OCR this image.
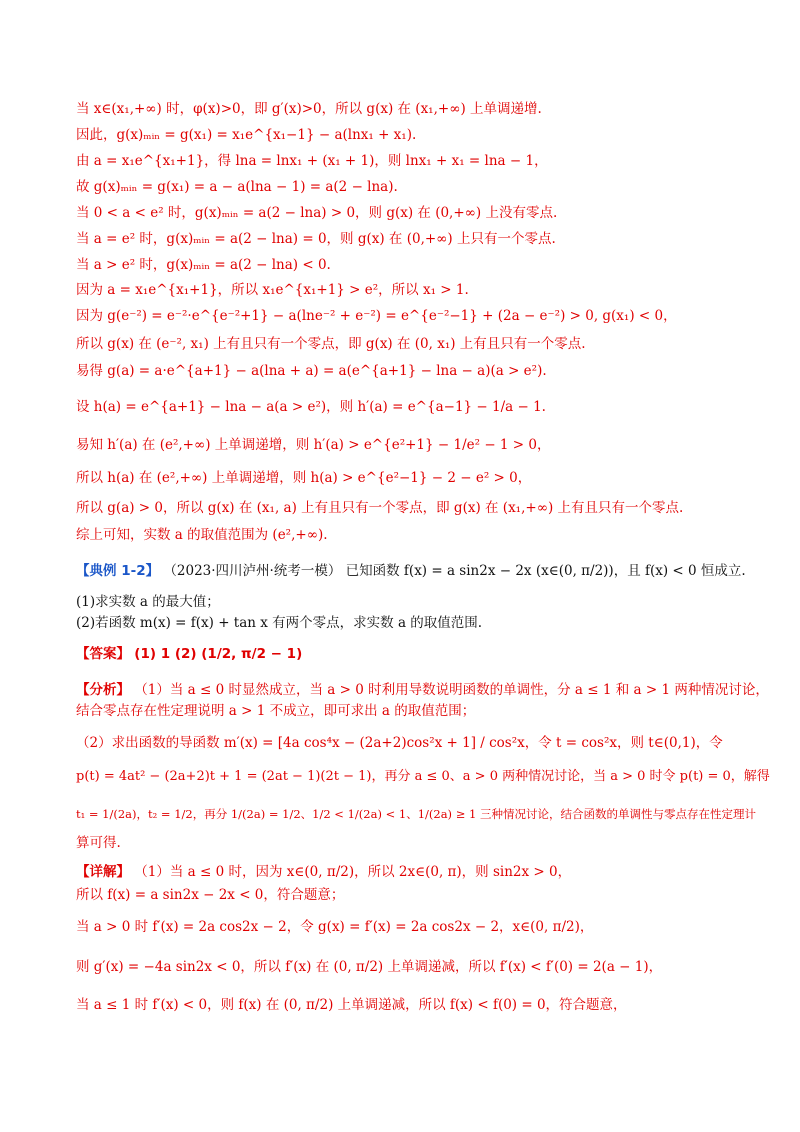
当 x∈(x₁,+∞) 时，φ(x)>0，即 g′(x)>0，所以 g(x) 在 (x₁,+∞) 上单调递增.
因此，g(x)ₘᵢₙ = g(x₁) = x₁e^{x₁−1} − a(lnx₁ + x₁).
由 a = x₁e^{x₁+1}，得 lna = lnx₁ + (x₁ + 1)，则 lnx₁ + x₁ = lna − 1，
故 g(x)ₘᵢₙ = g(x₁) = a − a(lna − 1) = a(2 − lna).
当 0 < a < e² 时，g(x)ₘᵢₙ = a(2 − lna) > 0，则 g(x) 在 (0,+∞) 上没有零点.
当 a = e² 时，g(x)ₘᵢₙ = a(2 − lna) = 0，则 g(x) 在 (0,+∞) 上只有一个零点.
当 a > e² 时，g(x)ₘᵢₙ = a(2 − lna) < 0.
因为 a = x₁e^{x₁+1}，所以 x₁e^{x₁+1} > e²，所以 x₁ > 1.
因为 g(e⁻²) = e⁻²·e^{e⁻²+1} − a(lne⁻² + e⁻²) = e^{e⁻²−1} + (2a − e⁻²) > 0, g(x₁) < 0，
所以 g(x) 在 (e⁻², x₁) 上有且只有一个零点，即 g(x) 在 (0, x₁) 上有且只有一个零点.
易得 g(a) = a·e^{a+1} − a(lna + a) = a(e^{a+1} − lna − a)(a > e²).
设 h(a) = e^{a+1} − lna − a(a > e²)，则 h′(a) = e^{a−1} − 1/a − 1.
易知 h′(a) 在 (e²,+∞) 上单调递增，则 h′(a) > e^{e²+1} − 1/e² − 1 > 0，
所以 h(a) 在 (e²,+∞) 上单调递增，则 h(a) > e^{e²−1} − 2 − e² > 0，
所以 g(a) > 0，所以 g(x) 在 (x₁, a) 上有且只有一个零点，即 g(x) 在 (x₁,+∞) 上有且只有一个零点.
综上可知，实数 a 的取值范围为 (e²,+∞).
【典例 1-2】 （2023·四川泸州·统考一模） 已知函数 f(x) = a sin2x − 2x (x∈(0, π/2))，且 f(x) < 0 恒成立.
(1)求实数 a 的最大值；
(2)若函数 m(x) = f(x) + tan x 有两个零点，求实数 a 的取值范围.
【答案】 (1) 1 (2) (1/2, π/2 − 1)
【分析】 （1）当 a ≤ 0 时显然成立，当 a > 0 时利用导数说明函数的单调性，分 a ≤ 1 和 a > 1 两种情况讨论，
结合零点存在性定理说明 a > 1 不成立，即可求出 a 的取值范围；
（2）求出函数的导函数 m′(x) = [4a cos⁴x − (2a+2)cos²x + 1] / cos²x，令 t = cos²x，则 t∈(0,1)，令
p(t) = 4at² − (2a+2)t + 1 = (2at − 1)(2t − 1)，再分 a ≤ 0、a > 0 两种情况讨论，当 a > 0 时令 p(t) = 0，解得
t₁ = 1/(2a)，t₂ = 1/2，再分 1/(2a) = 1/2、1/2 < 1/(2a) < 1、1/(2a) ≥ 1 三种情况讨论，结合函数的单调性与零点存在性定理计
算可得.
【详解】 （1）当 a ≤ 0 时，因为 x∈(0, π/2)，所以 2x∈(0, π)，则 sin2x > 0，
所以 f(x) = a sin2x − 2x < 0，符合题意；
当 a > 0 时 f′(x) = 2a cos2x − 2，令 g(x) = f′(x) = 2a cos2x − 2，x∈(0, π/2)，
则 g′(x) = −4a sin2x < 0，所以 f′(x) 在 (0, π/2) 上单调递减，所以 f′(x) < f′(0) = 2(a − 1)，
当 a ≤ 1 时 f′(x) < 0，则 f(x) 在 (0, π/2) 上单调递减，所以 f(x) < f(0) = 0，符合题意，
